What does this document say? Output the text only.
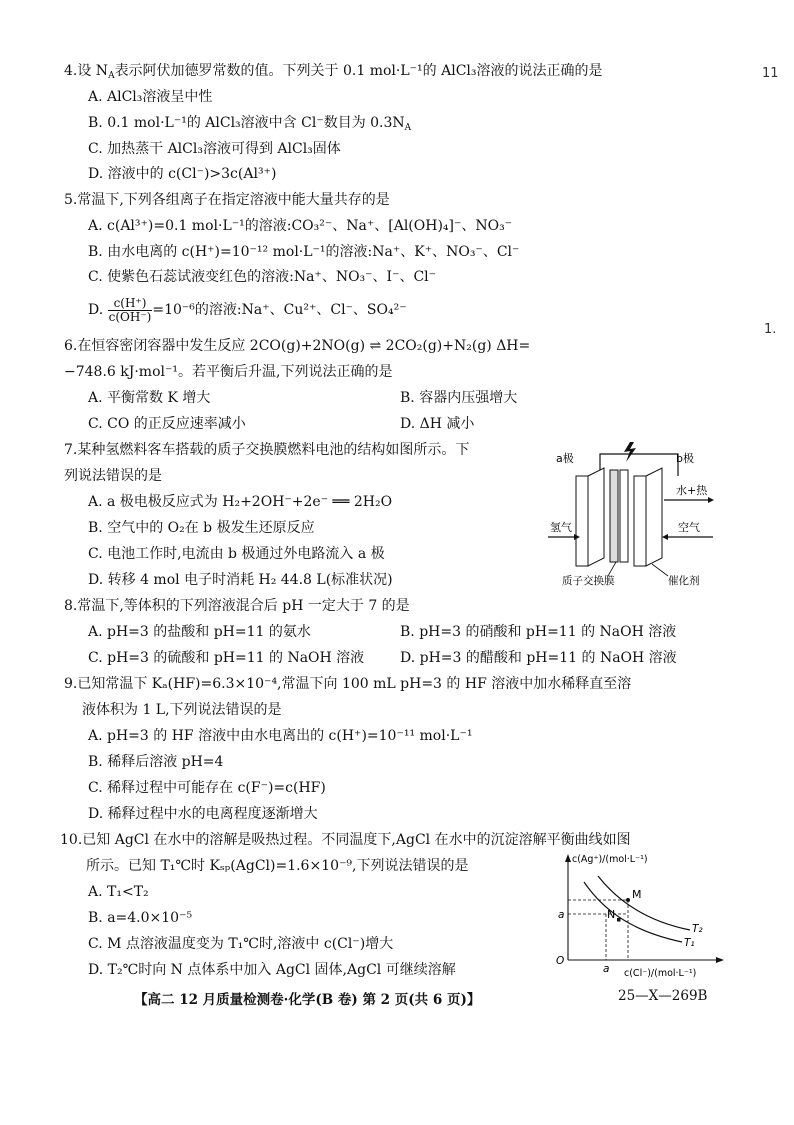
11
1.
4.设 $N_A$表示阿伏加德罗常数的值。下列关于 0.1 mol·L⁻¹的 AlCl₃溶液的说法正确的是
A. AlCl₃溶液呈中性
B. 0.1 mol·L⁻¹的 AlCl₃溶液中含 Cl⁻数目为 $0.3N_A$
C. 加热蒸干 AlCl₃溶液可得到 AlCl₃固体
D. 溶液中的 c(Cl⁻)>3c(Al³⁺)
5.常温下,下列各组离子在指定溶液中能大量共存的是
A. c(Al³⁺)=0.1 mol·L⁻¹的溶液:CO₃²⁻、Na⁺、[Al(OH)₄]⁻、NO₃⁻
B. 由水电离的 c(H⁺)=10⁻¹² mol·L⁻¹的溶液:Na⁺、K⁺、NO₃⁻、Cl⁻
C. 使紫色石蕊试液变红色的溶液:Na⁺、NO₃⁻、I⁻、Cl⁻
D. $\frac{c(H^+)}{c(OH^-)} =10^{-6}$的溶液:Na⁺、Cu²⁺、Cl⁻、SO₄²⁻
6.在恒容密闭容器中发生反应 2CO(g)+2NO(g) ⇌ 2CO₂(g)+N₂(g) ΔH=
−748.6 kJ·mol⁻¹。若平衡后升温,下列说法正确的是
A. 平衡常数 K 增大	B. 容器内压强增大
C. CO 的正反应速率减小	D. ΔH 减小
7.某种氢燃料客车搭载的质子交换膜燃料电池的结构如图所示。下
列说法错误的是
A. a 极电极反应式为 H₂+2OH⁻+2e⁻ ══ 2H₂O
B. 空气中的 O₂在 b 极发生还原反应
C. 电池工作时,电流由 b 极通过外电路流入 a 极
D. 转移 4 mol 电子时消耗 H₂ 44.8 L(标准状况)
a极	b极
水+热
氢气	空气
质子交换膜	催化剂
8.常温下,等体积的下列溶液混合后 pH 一定大于 7 的是
A. pH=3 的盐酸和 pH=11 的氨水	B. pH=3 的硝酸和 pH=11 的 NaOH 溶液
C. pH=3 的硫酸和 pH=11 的 NaOH 溶液	D. pH=3 的醋酸和 pH=11 的 NaOH 溶液
9.已知常温下 Kₐ(HF)=6.3×10⁻⁴,常温下向 100 mL pH=3 的 HF 溶液中加水稀释直至溶
液体积为 1 L,下列说法错误的是
A. pH=3 的 HF 溶液中由水电离出的 c(H⁺)=10⁻¹¹ mol·L⁻¹
B. 稀释后溶液 pH=4
C. 稀释过程中可能存在 c(F⁻)=c(HF)
D. 稀释过程中水的电离程度逐渐增大
10.已知 AgCl 在水中的溶解是吸热过程。不同温度下,AgCl 在水中的沉淀溶解平衡曲线如图
所示。已知 T₁℃时 Kₛₚ(AgCl)=1.6×10⁻⁹,下列说法错误的是
A. T₁<T₂
B. a=4.0×10⁻⁵
C. M 点溶液温度变为 T₁℃时,溶液中 c(Cl⁻)增大
D. T₂℃时向 N 点体系中加入 AgCl 固体,AgCl 可继续溶解
c(Ag⁺)/(mol·L⁻¹)
c(Cl⁻)/(mol·L⁻¹)
O
a
a
M
N
T₂
T₁
【高二 12 月质量检测卷·化学(B 卷) 第 2 页(共 6 页)】	25—X—269B
